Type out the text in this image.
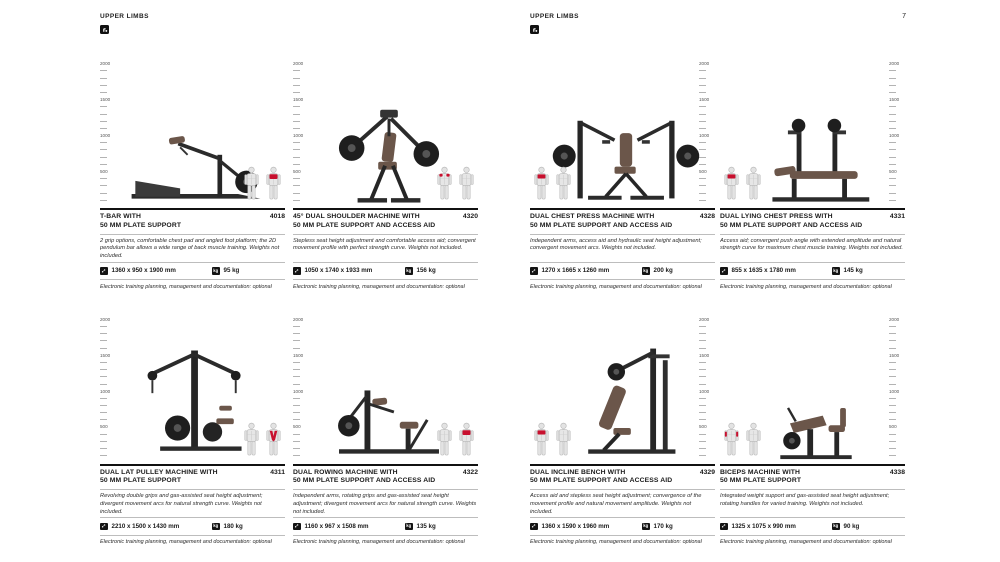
UPPER LIMBS	UPPER LIMBS	7
2000
1500
1000
500
T-BAR WITH
50 MM PLATE SUPPORT
4018
2 grip options, comfortable chest pad and angled foot platform; the 2D pendulum bar allows a wide range of back muscle training. Weights not included.
⤢ 1360 x 950 x 1900 mm	kg 95 kg
Electronic training planning, management and documentation: optional
2000
1500
1000
500
45° DUAL SHOULDER MACHINE WITH
50 MM PLATE SUPPORT AND ACCESS AID
4320
Stepless seat height adjustment and comfortable access aid; convergent movement profile with perfect strength curve. Weights not included.
⤢ 1050 x 1740 x 1933 mm	kg 156 kg
Electronic training planning, management and documentation: optional
2000
1500
1000
500
DUAL LAT PULLEY MACHINE WITH
50 MM PLATE SUPPORT
4311
Revolving double grips and gas-assisted seat height adjustment; divergent movement arcs for natural strength curve. Weights not included.
⤢ 2210 x 1500 x 1430 mm	kg 180 kg
Electronic training planning, management and documentation: optional
2000
1500
1000
500
DUAL ROWING MACHINE WITH
50 MM PLATE SUPPORT AND ACCESS AID
4322
Independent arms, rotating grips and gas-assisted seat height adjustment; divergent movement arcs for natural strength curve. Weights not included.
⤢ 1160 x 967 x 1508 mm	kg 135 kg
Electronic training planning, management and documentation: optional
2000
1500
1000
500
DUAL CHEST PRESS MACHINE WITH
50 MM PLATE SUPPORT AND ACCESS AID
4328
Independent arms, access aid and hydraulic seat height adjustment; convergent movement arcs. Weights not included.
⤢ 1270 x 1665 x 1260 mm	kg 200 kg
Electronic training planning, management and documentation: optional
2000
1500
1000
500
DUAL LYING CHEST PRESS WITH
50 MM PLATE SUPPORT AND ACCESS AID
4331
Access aid; convergent push angle with extended amplitude and natural strength curve for maximum chest muscle training. Weights not included.
⤢ 855 x 1635 x 1780 mm	kg 145 kg
Electronic training planning, management and documentation: optional
2000
1500
1000
500
DUAL INCLINE BENCH WITH
50 MM PLATE SUPPORT AND ACCESS AID
4329
Access aid and stepless seat height adjustment; convergence of the movement profile and natural movement amplitude. Weights not included.
⤢ 1360 x 1590 x 1960 mm	kg 170 kg
Electronic training planning, management and documentation: optional
2000
1500
1000
500
BICEPS MACHINE WITH
50 MM PLATE SUPPORT
4338
Integrated weight support and gas-assisted seat height adjustment; rotating handles for varied training. Weights not included.
⤢ 1325 x 1075 x 990 mm	kg 90 kg
Electronic training planning, management and documentation: optional
